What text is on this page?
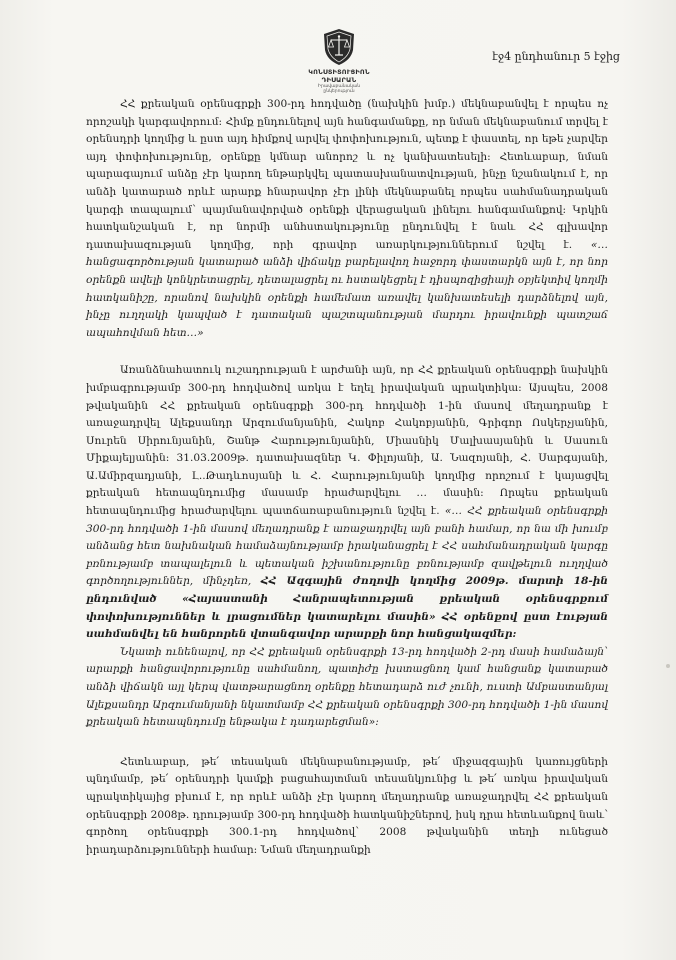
ԿՈՆՍՏԻՏՈՒՑԻՈՆ ԴԻՍԱՐԱՆ
Իրավաբանական ընկերություն
էջ4 ընդհանուր 5 էջից

ՀՀ քրեական օրենսգրքի 300-րդ հոդվածը (նախկին խմբ.) մեկնաբանվել է որպես ոչ որոշակի կարգավորում: Հիմք ընդունելով այն հանգամանքը, որ նման մեկնաբանում տրվել է օրենսդրի կողմից և ըստ այդ հիմքով արվել փոփոխություն, պետք է փաստել, որ եթե չարվեր այդ փոփոխությունը, օրենքը կմնար անորոշ և ոչ կանխատեսելի: Հետևաբար, նման պարագայում անձը չէր կարող ենթարկվել պատասխանատվության, ինչը նշանակում է, որ անձի կատարած որևէ արարք հնարավոր չէր լինի մեկնաբանել որպես սահմանադրական կարգի տապալում՝ պայմանավորված օրենքի վերացական լինելու հանգամանքով: Կրկին հատկանշական է, որ նորմի անհստակությունը ընդունվել է նաև ՀՀ գլխավոր դատախազության կողմից, որի գրավոր առարկություններում նշվել է. «…հանցագործության կատարած անձի վիճակը բարելավող հաջորդ փաստարկն այն է, որ նոր օրենքն ավելի կոնկրետացրել, դետալացրել ու հստակեցրել է դիսպոզիցիայի օբյեկտիվ կողմի հատկանիշը, որանով նախկին օրենքի համեմատ առավել կանխատեսելի դարձնելով այն, ինչը ուղղակի կապված է դատական պաշտպանության մարդու իրավունքի պատշաճ ապահովման հետ…»

Առանձնահատուկ ուշադրության է արժանի այն, որ ՀՀ քրեական օրենսգրքի նախկին խմբագրությամբ 300-րդ հոդվածով առկա է եղել իրավական պրակտիկա: Այսպես, 2008 թվականին ՀՀ քրեական օրենսգրքի 300-րդ հոդվածի 1-ին մասով մեղադրանք է առաջադրվել Ալեքսանդր Արզումանյանին, Հակոբ Հակոբյանին, Գրիգոր Ոսկերչյանին, Սուրեն Սիրունյանին, Շանթ Հարությունյանին, Միասնիկ Մալխասյանին և Սասուն Միքայելյանին: 31.03.2009թ. դատախազներ Կ. Փիլոյանի, Ա. Նազոյանի, Հ. Սարգսյանի, Ա.Ամիրզադյանի, Լ..Թադևոսյանի և Հ. Հարությունյանի կողմից որոշում է կայացվել քրեական հետապնդումից մասամբ հրաժարվելու … մասին: Որպես քրեական հետապնդումից հրաժարվելու պատճառաբանություն նշվել է. «… ՀՀ քրեական օրենսգրքի 300-րդ հոդվածի 1-ին մասով մեղադրանք է առաջադրվել այն բանի համար, որ նա մի խումբ անձանց հետ նախնական համաձայնությամբ իրականացրել է ՀՀ սահմանադրական կարգը բռնությամբ տապալելուն և պետական իշխանությունը բռնությամբ զավթելուն ուղղված գործողություններ, մինչդեռ, ՀՀ Ազգային ժողովի կողմից 2009թ. մարտի 18-ին ընդունված «Հայաստանի Հանրապետության քրեական օրենսգրքում փոփոխություններ և լրացումներ կատարելու մասին» ՀՀ օրենքով ըստ էության սահմանվել են հանրորեն վտանգավոր արարքի նոր հանցակազմեր:

Նկատի ունենալով, որ ՀՀ քրեական օրենսգրքի 13-րդ հոդվածի 2-րդ մասի համաձայն՝ արարքի հանցավորությունը սահմանող, պատիժը խստացնող կամ հանցանք կատարած անձի վիճակն այլ կերպ վատթարացնող օրենքը հետադարձ ուժ չունի, ուստի Ամբաստանյալ Ալեքսանդր Արզումանյանի նկատմամբ ՀՀ քրեական օրենսգրքի 300-րդ հոդվածի 1-ին մասով քրեական հետապնդումը ենթակա է դադարեցման»:

Հետևաբար, թե՛ տեսական մեկնաբանությամբ, թե՛ միջազգային կառույցների պնդմամբ, թե՛ օրենսդրի կամքի բացահայտման տեսանկյունից և թե՛ առկա իրավական պրակտիկայից բխում է, որ որևէ անձի չէր կարող մեղադրանք առաջադրվել ՀՀ քրեական օրենսգրքի 2008թ. դրությամբ 300-րդ հոդվածի հատկանիշներով, իսկ դրա հետևանքով նաև՝ գործող օրենսգրքի 300.1-րդ հոդվածով՝ 2008 թվականին տեղի ունեցած իրադարձությունների համար: Նման մեղադրանքի
